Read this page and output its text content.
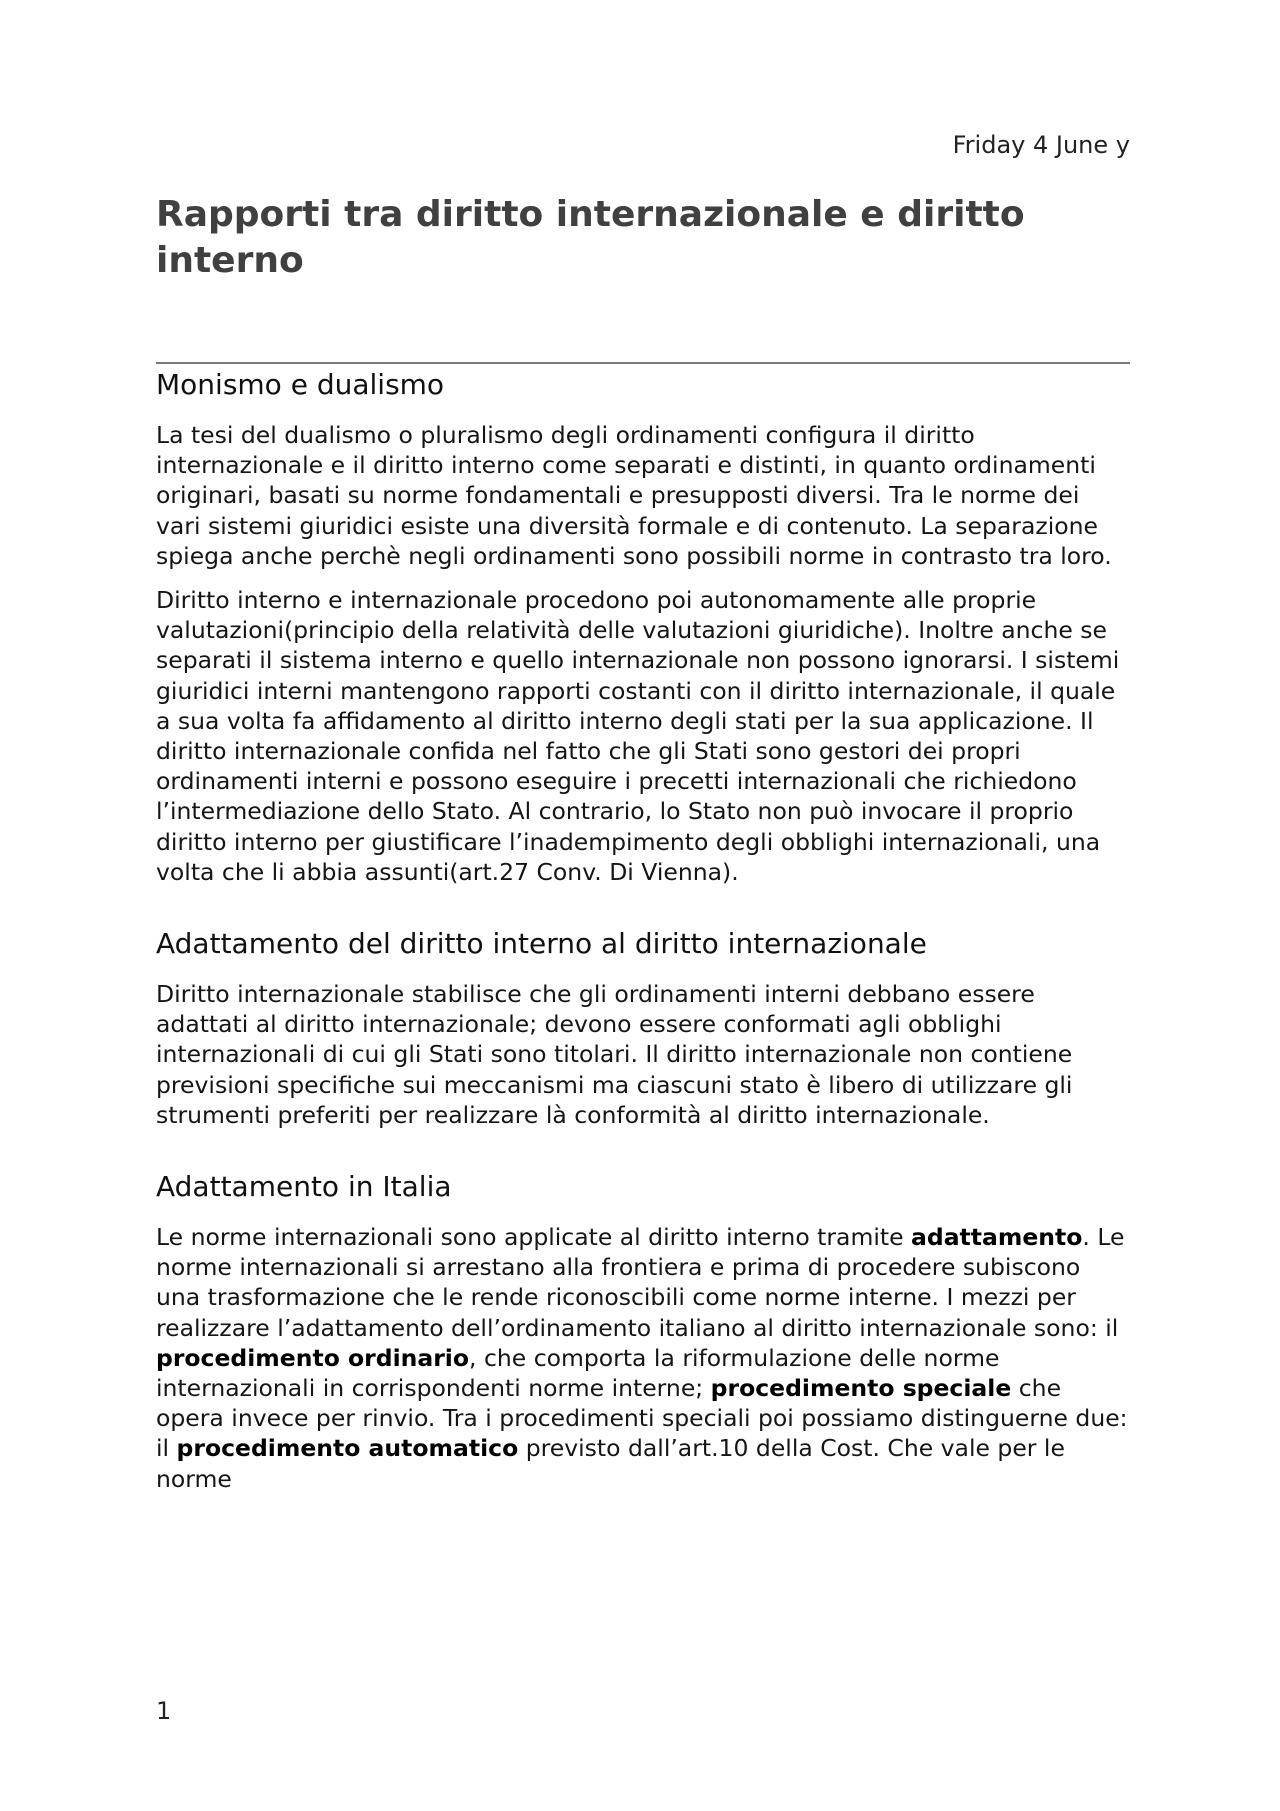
Friday 4 June y
Rapporti tra diritto internazionale e diritto interno
Monismo e dualismo

La tesi del dualismo o pluralismo degli ordinamenti configura il diritto internazionale e il diritto interno come separati e distinti, in quanto ordinamenti originari, basati su norme fondamentali e presupposti diversi. Tra le norme dei vari sistemi giuridici esiste una diversità formale e di contenuto. La separazione spiega anche perchè negli ordinamenti sono possibili norme in contrasto tra loro.

Diritto interno e internazionale procedono poi autonomamente alle proprie valutazioni(principio della relatività delle valutazioni giuridiche). Inoltre anche se separati il sistema interno e quello internazionale non possono ignorarsi. I sistemi giuridici interni mantengono rapporti costanti con il diritto internazionale, il quale a sua volta fa affidamento al diritto interno degli stati per la sua applicazione. Il diritto internazionale confida nel fatto che gli Stati sono gestori dei propri ordinamenti interni e possono eseguire i precetti internazionali che richiedono l’intermediazione dello Stato. Al contrario, lo Stato non può invocare il proprio diritto interno per giustificare l’inadempimento degli obblighi internazionali, una volta che li abbia assunti(art.27 Conv. Di Vienna).

Adattamento del diritto interno al diritto internazionale

Diritto internazionale stabilisce che gli ordinamenti interni debbano essere adattati al diritto internazionale; devono essere conformati agli obblighi internazionali di cui gli Stati sono titolari. Il diritto internazionale non contiene previsioni specifiche sui meccanismi ma ciascuni stato è libero di utilizzare gli strumenti preferiti per realizzare là conformità al diritto internazionale.

Adattamento in Italia

Le norme internazionali sono applicate al diritto interno tramite adattamento. Le norme internazionali si arrestano alla frontiera e prima di procedere subiscono una trasformazione che le rende riconoscibili come norme interne. I mezzi per realizzare l’adattamento dell’ordinamento italiano al diritto internazionale sono: il procedimento ordinario, che comporta la riformulazione delle norme internazionali in corrispondenti norme interne; procedimento speciale che opera invece per rinvio. Tra i procedimenti speciali poi possiamo distinguerne due: il procedimento automatico previsto dall’art.10 della Cost. Che vale per le norme

1
